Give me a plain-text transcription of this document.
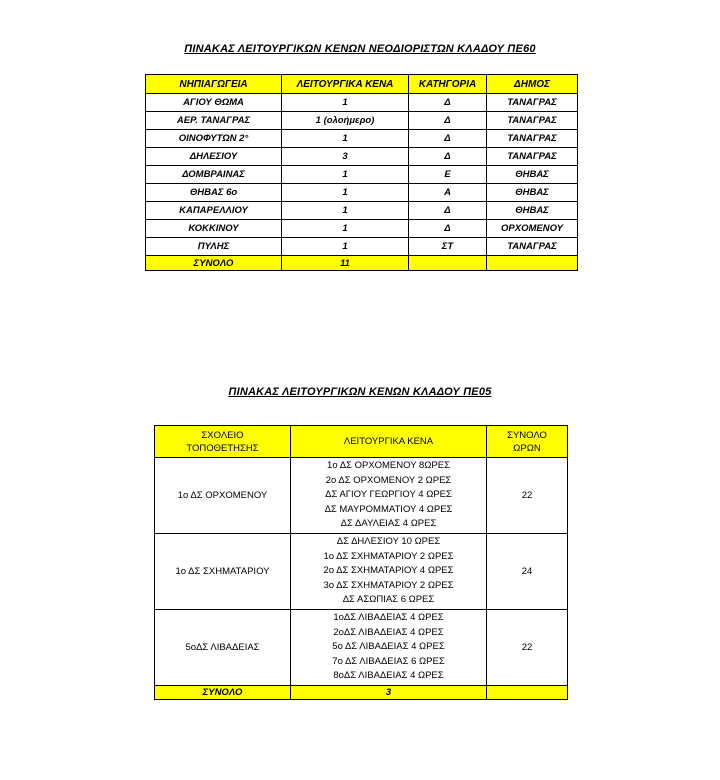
ΠΙΝΑΚΑΣ ΛΕΙΤΟΥΡΓΙΚΩΝ ΚΕΝΩΝ ΝΕΟΔΙΟΡΙΣΤΩΝ ΚΛΑΔΟΥ ΠΕ60
ΝΗΠΙΑΓΩΓΕΙΑ	ΛΕΙΤΟΥΡΓΙΚΑ ΚΕΝΑ	ΚΑΤΗΓΟΡΙΑ	ΔΗΜΟΣ
ΑΓΙΟΥ ΘΩΜΑ	1	Δ	ΤΑΝΑΓΡΑΣ
ΑΕΡ. ΤΑΝΑΓΡΑΣ	1 (ολοήμερο)	Δ	ΤΑΝΑΓΡΑΣ
ΟΙΝΟΦΥΤΩΝ 2°	1	Δ	ΤΑΝΑΓΡΑΣ
ΔΗΛΕΣΙΟΥ	3	Δ	ΤΑΝΑΓΡΑΣ
ΔΟΜΒΡΑΙΝΑΣ	1	Ε	ΘΗΒΑΣ
ΘΗΒΑΣ 6ο	1	Α	ΘΗΒΑΣ
ΚΑΠΑΡΕΛΛΙΟΥ	1	Δ	ΘΗΒΑΣ
ΚΟΚΚΙΝΟΥ	1	Δ	ΟΡΧΟΜΕΝΟΥ
ΠΥΛΗΣ	1	ΣΤ	ΤΑΝΑΓΡΑΣ
ΣΥΝΟΛΟ	11		
ΠΙΝΑΚΑΣ ΛΕΙΤΟΥΡΓΙΚΩΝ ΚΕΝΩΝ ΚΛΑΔΟΥ ΠΕ05
ΣΧΟΛΕΙΟ
ΤΟΠΟΘΕΤΗΣΗΣ	ΛΕΙΤΟΥΡΓΙΚΑ ΚΕΝΑ	ΣΥΝΟΛΟ
ΩΡΩΝ

1ο ΔΣ ΟΡΧΟΜΕΝΟΥ	1ο ΔΣ ΟΡΧΟΜΕΝΟΥ 8ΩΡΕΣ
2ο ΔΣ ΟΡΧΟΜΕΝΟΥ 2 ΩΡΕΣ
ΔΣ ΑΓΙΟΥ ΓΕΩΡΓΙΟΥ 4 ΩΡΕΣ
ΔΣ ΜΑΥΡΟΜΜΑΤΙΟΥ 4 ΩΡΕΣ
ΔΣ ΔΑΥΛΕΙΑΣ 4 ΩΡΕΣ	22
1ο ΔΣ ΣΧΗΜΑΤΑΡΙΟΥ	ΔΣ ΔΗΛΕΣΙΟΥ 10 ΩΡΕΣ
1ο ΔΣ ΣΧΗΜΑΤΑΡΙΟΥ 2 ΩΡΕΣ
2ο ΔΣ ΣΧΗΜΑΤΑΡΙΟΥ 4 ΩΡΕΣ
3ο ΔΣ ΣΧΗΜΑΤΑΡΙΟΥ 2 ΩΡΕΣ
ΔΣ ΑΣΩΠΙΑΣ 6 ΩΡΕΣ	24
5οΔΣ ΛΙΒΑΔΕΙΑΣ	1οΔΣ ΛΙΒΑΔΕΙΑΣ 4 ΩΡΕΣ
2οΔΣ ΛΙΒΑΔΕΙΑΣ 4 ΩΡΕΣ
5ο ΔΣ ΛΙΒΑΔΕΙΑΣ 4 ΩΡΕΣ
7ο ΔΣ ΛΙΒΑΔΕΙΑΣ 6 ΩΡΕΣ
8οΔΣ ΛΙΒΑΔΕΙΑΣ 4 ΩΡΕΣ	22
ΣΥΝΟΛΟ	3	
